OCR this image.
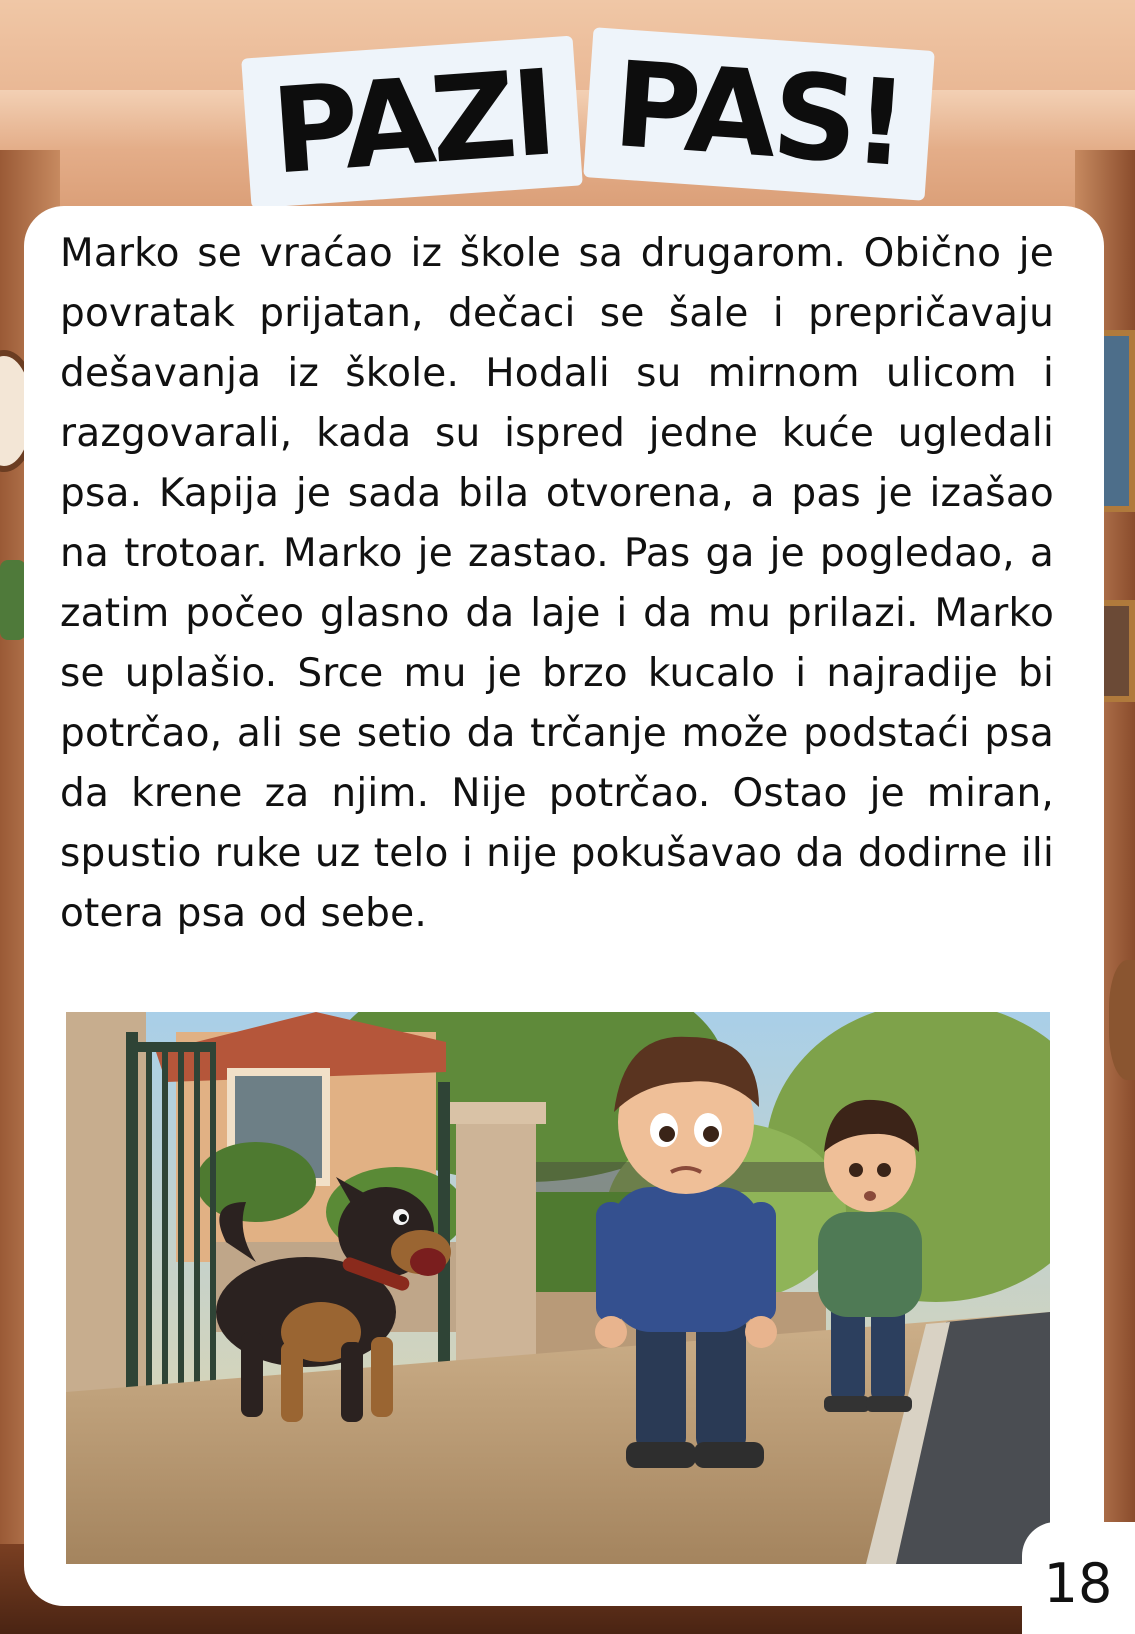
PAZI PAS!

Marko se vraćao iz škole sa drugarom. Obično je povratak prijatan, dečaci se šale i prepričavaju dešavanja iz škole. Hodali su mirnom ulicom i razgovarali, kada su ispred jedne kuće ugledali psa. Kapija je sada bila otvorena, a pas je izašao na trotoar. Marko je zastao. Pas ga je pogledao, a zatim počeo glasno da laje i da mu prilazi. Marko se uplašio. Srce mu je brzo kucalo i najradije bi potrčao, ali se setio da trčanje može podstaći psa da krene za njim. Nije potrčao. Ostao je miran, spustio ruke uz telo i nije pokušavao da dodirne ili otera psa od sebe.

18
